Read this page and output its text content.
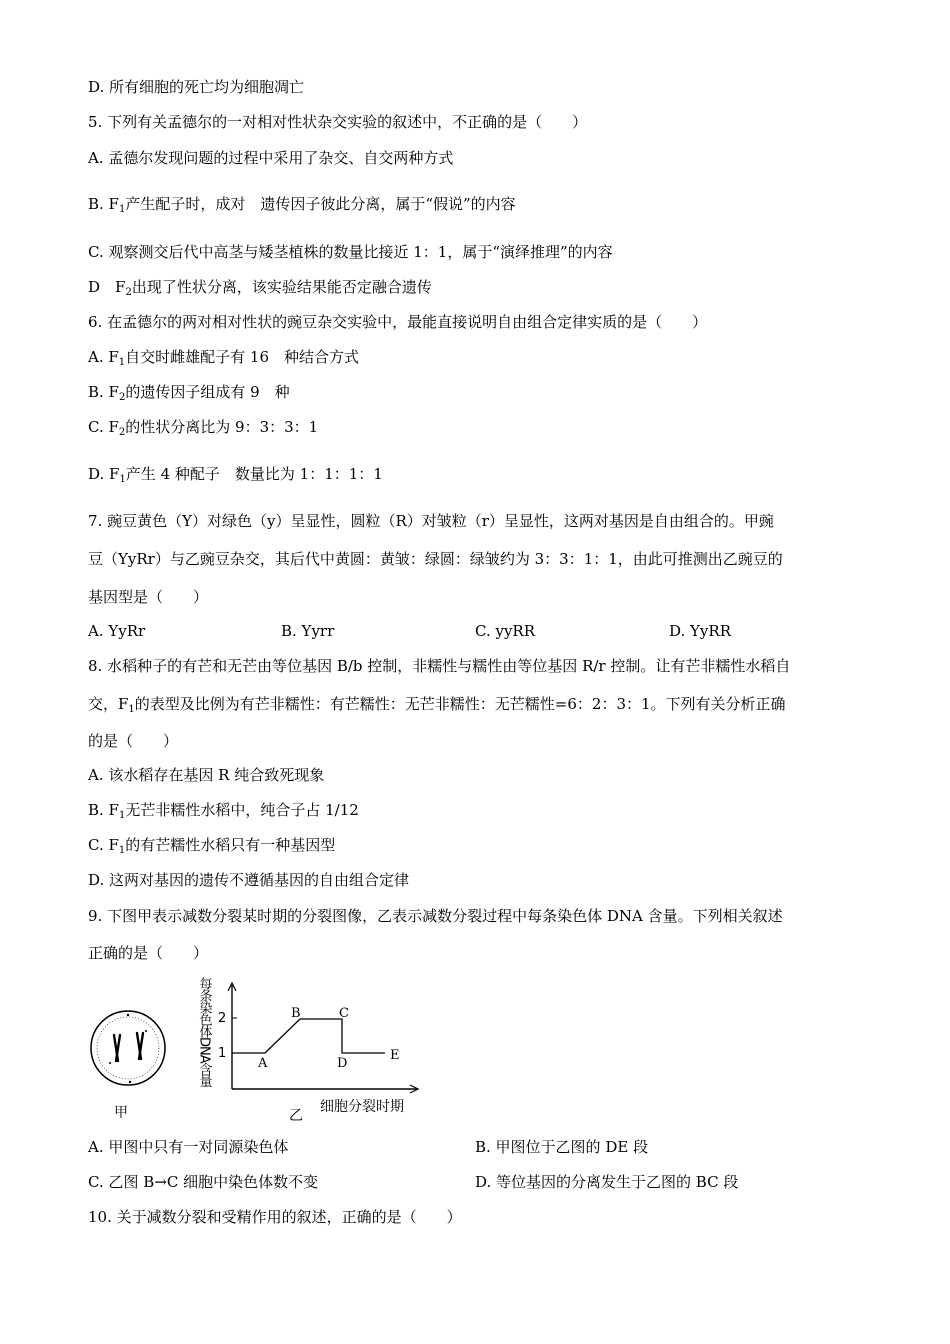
D. 所有细胞的死亡均为细胞凋亡
5. 下列有关孟德尔的一对相对性状杂交实验的叙述中，不正确的是（　　）
A. 孟德尔发现问题的过程中采用了杂交、自交两种方式
B. $F_1$产生配子时，成对　遗传因子彼此分离，属于“假说”的内容
C. 观察测交后代中高茎与矮茎植株的数量比接近 1：1，属于“演绎推理”的内容
D　$F_2$出现了性状分离，该实验结果能否定融合遗传
6. 在孟德尔的两对相对性状的豌豆杂交实验中，最能直接说明自由组合定律实质的是（　　）
A. $F_1$自交时雌雄配子有 16　种结合方式
B. $F_2$的遗传因子组成有 9　种
C. $F_2$的性状分离比为 9：3：3：1
D. $F_1$产生 4 种配子　数量比为 1：1：1：1
7. 豌豆黄色（Y）对绿色（y）呈显性，圆粒（R）对皱粒（r）呈显性，这两对基因是自由组合的。甲豌
豆（YyRr）与乙豌豆杂交，其后代中黄圆：黄皱：绿圆：绿皱约为 3：3：1：1，由此可推测出乙豌豆的
基因型是（　　）
A. YyRr	B. Yyrr	C. yyRR	D. YyRR
8. 水稻种子的有芒和无芒由等位基因 B/b 控制，非糯性与糯性由等位基因 R/r 控制。让有芒非糯性水稻自
交，$F_1$的表型及比例为有芒非糯性：有芒糯性：无芒非糯性：无芒糯性=6：2：3：1。下列有关分析正确
的是（　　）
A. 该水稻存在基因 R 纯合致死现象
B. $F_1$无芒非糯性水稻中，纯合子占 1/12
C. $F_1$的有芒糯性水稻只有一种基因型
D. 这两对基因的遗传不遵循基因的自由组合定律
9. 下图甲表示减数分裂某时期的分裂图像，乙表示减数分裂过程中每条染色体 DNA 含量。下列相关叙述
正确的是（　　）
甲
每条染色体DNA含量 2
1
A
B	C
D
E
细胞分裂时期
乙
A. 甲图中只有一对同源染色体	B. 甲图位于乙图的 DE 段
C. 乙图 B→C 细胞中染色体数不变	D. 等位基因的分离发生于乙图的 BC 段
10. 关于减数分裂和受精作用的叙述，正确的是（　　）
